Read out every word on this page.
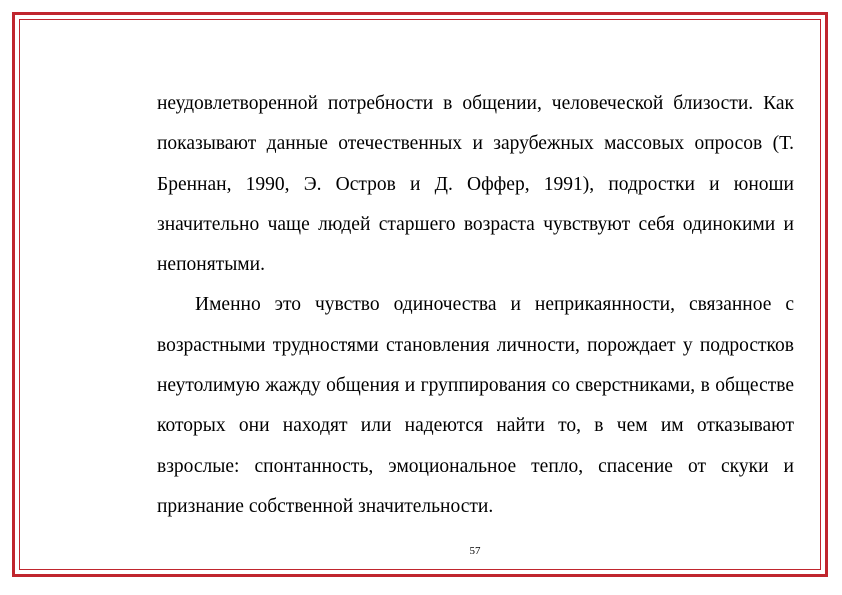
неудовлетворенной потребности в общении, человеческой близости. Как показывают данные отечественных и зарубежных массовых опросов (Т. Бреннан, 1990, Э. Остров и Д. Оффер, 1991), подростки и юноши значительно чаще людей старшего возраста чувствуют себя одинокими и непонятыми.

Именно это чувство одиночества и неприкаянности, связанное с возрастными трудностями становления личности, порождает у подростков неутолимую жажду общения и группирования со сверстниками, в обществе которых они находят или надеются найти то, в чем им отказывают взрослые: спонтанность, эмоциональное тепло, спасение от скуки и признание собственной значительности.

57
